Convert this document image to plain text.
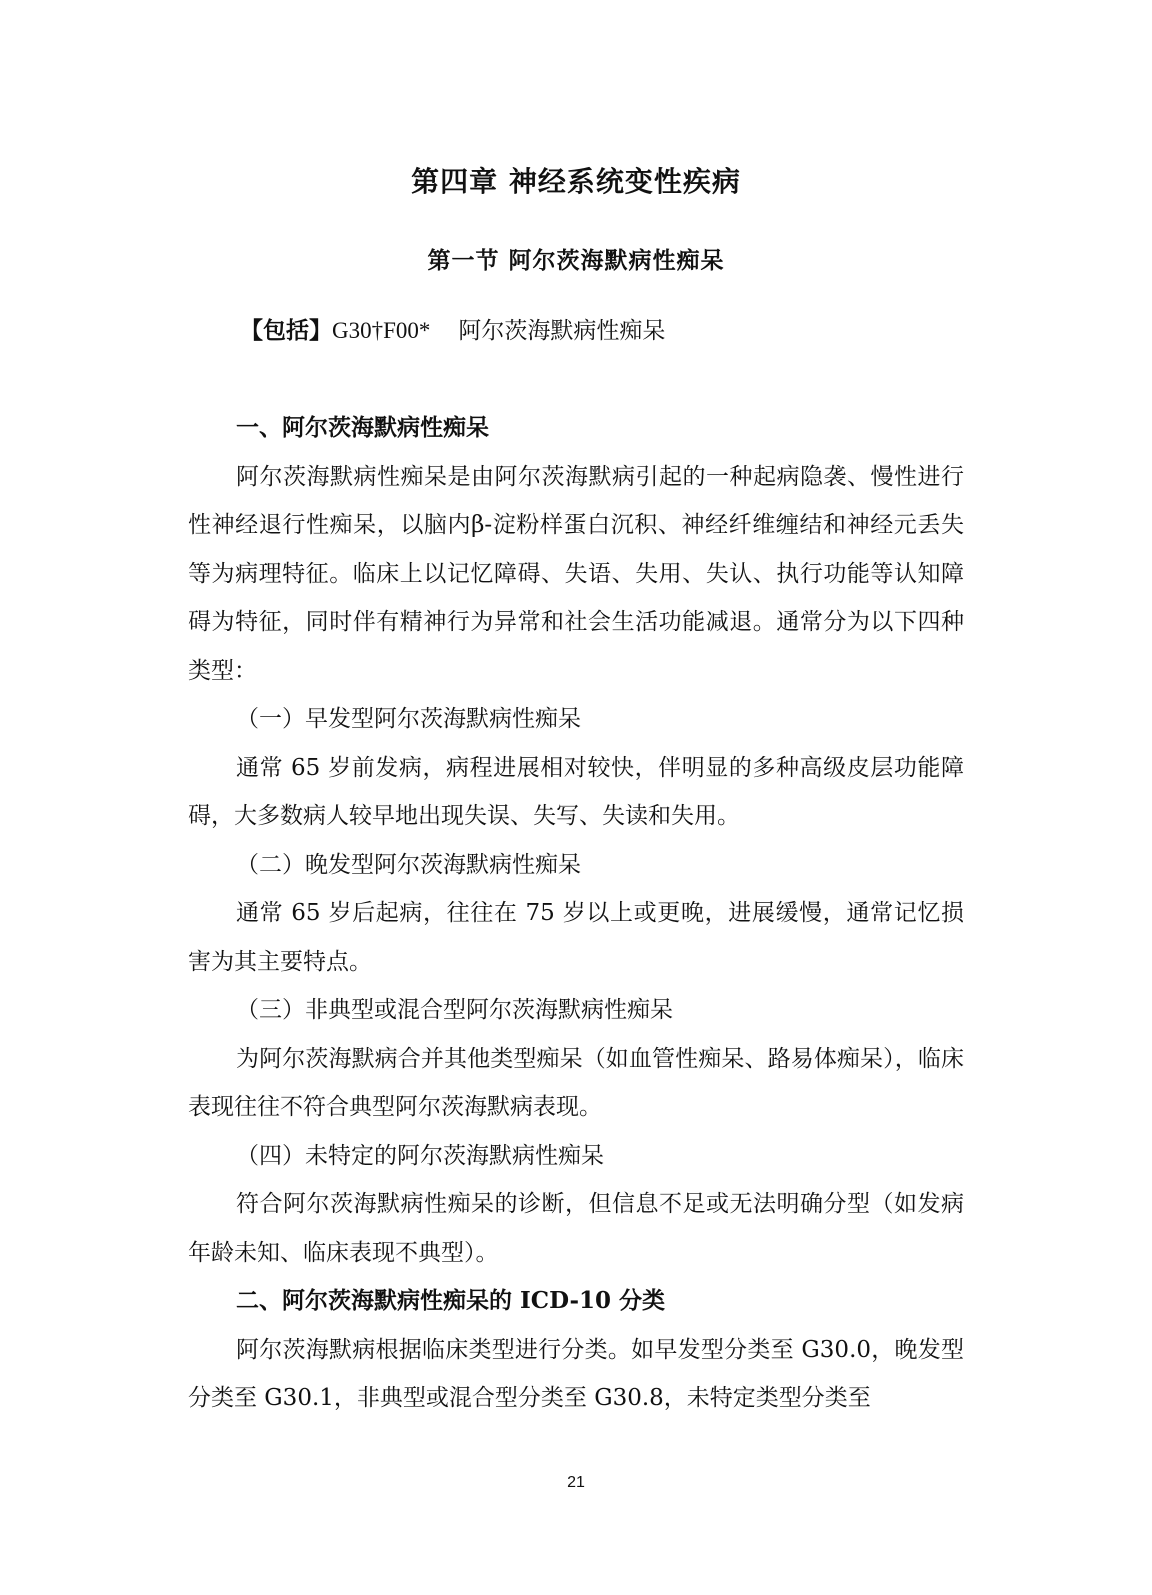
第四章 神经系统变性疾病
第一节 阿尔茨海默病性痴呆
【包括】G30†F00* 阿尔茨海默病性痴呆

一、阿尔茨海默病性痴呆

阿尔茨海默病性痴呆是由阿尔茨海默病引起的一种起病隐袭、慢性进行性神经退行性痴呆，以脑内β-淀粉样蛋白沉积、神经纤维缠结和神经元丢失等为病理特征。临床上以记忆障碍、失语、失用、失认、执行功能等认知障碍为特征，同时伴有精神行为异常和社会生活功能减退。通常分为以下四种类型：

（一）早发型阿尔茨海默病性痴呆

通常 65 岁前发病，病程进展相对较快，伴明显的多种高级皮层功能障碍，大多数病人较早地出现失误、失写、失读和失用。

（二）晚发型阿尔茨海默病性痴呆

通常 65 岁后起病，往往在 75 岁以上或更晚，进展缓慢，通常记忆损害为其主要特点。

（三）非典型或混合型阿尔茨海默病性痴呆

为阿尔茨海默病合并其他类型痴呆（如血管性痴呆、路易体痴呆），临床表现往往不符合典型阿尔茨海默病表现。

（四）未特定的阿尔茨海默病性痴呆

符合阿尔茨海默病性痴呆的诊断，但信息不足或无法明确分型（如发病年龄未知、临床表现不典型）。

二、阿尔茨海默病性痴呆的 ICD-10 分类

阿尔茨海默病根据临床类型进行分类。如早发型分类至 G30.0，晚发型分类至 G30.1，非典型或混合型分类至 G30.8，未特定类型分类至

21
